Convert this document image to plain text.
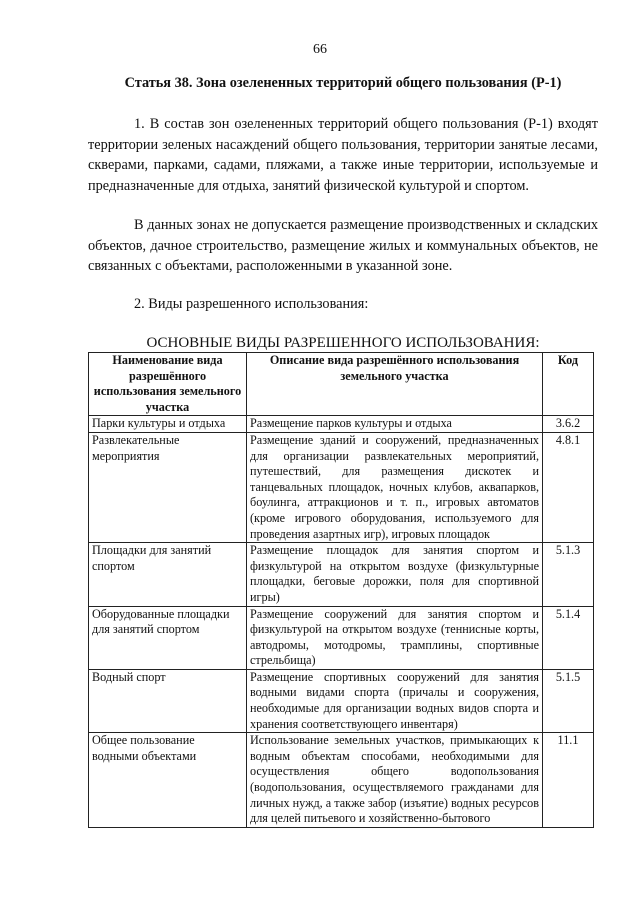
66
Статья 38. Зона озелененных территорий общего пользования (Р-1)

1. В состав зон озелененных территорий общего пользования (Р-1) входят территории зеленых насаждений общего пользования, территории занятые лесами, скверами, парками, садами, пляжами, а также иные территории, используемые и предназначенные для отдыха, занятий физической культурой и спортом.

В данных зонах не допускается размещение производственных и складских объектов, дачное строительство, размещение жилых и коммунальных объектов, не связанных с объектами, расположенными в указанной зоне.

2. Виды разрешенного использования:

ОСНОВНЫЕ ВИДЫ РАЗРЕШЕННОГО ИСПОЛЬЗОВАНИЯ:
Наименование вида разрешённого использования земельного участка	Описание вида разрешённого использования земельного участка	Код
Парки культуры и отдыха	Размещение парков культуры и отдыха	3.6.2
Развлекательные мероприятия	Размещение зданий и сооружений, предназначенных для организации развлекательных мероприятий, путешествий, для размещения дискотек и танцевальных площадок, ночных клубов, аквапарков, боулинга, аттракционов и т. п., игровых автоматов (кроме игрового оборудования, используемого для проведения азартных игр), игровых площадок	4.8.1
Площадки для занятий спортом	Размещение площадок для занятия спортом и физкультурой на открытом воздухе (физкультурные площадки, беговые дорожки, поля для спортивной игры)	5.1.3
Оборудованные площадки для занятий спортом	Размещение сооружений для занятия спортом и физкультурой на открытом воздухе (теннисные корты, автодромы, мотодромы, трамплины, спортивные стрельбища)	5.1.4
Водный спорт	Размещение спортивных сооружений для занятия водными видами спорта (причалы и сооружения, необходимые для организации водных видов спорта и хранения соответствующего инвентаря)	5.1.5
Общее пользование водными объектами	Использование земельных участков, примыкающих к водным объектам способами, необходимыми для осуществления общего водопользования (водопользования, осуществляемого гражданами для личных нужд, а также забор (изъятие) водных ресурсов для целей питьевого и хозяйственно-бытового	11.1
